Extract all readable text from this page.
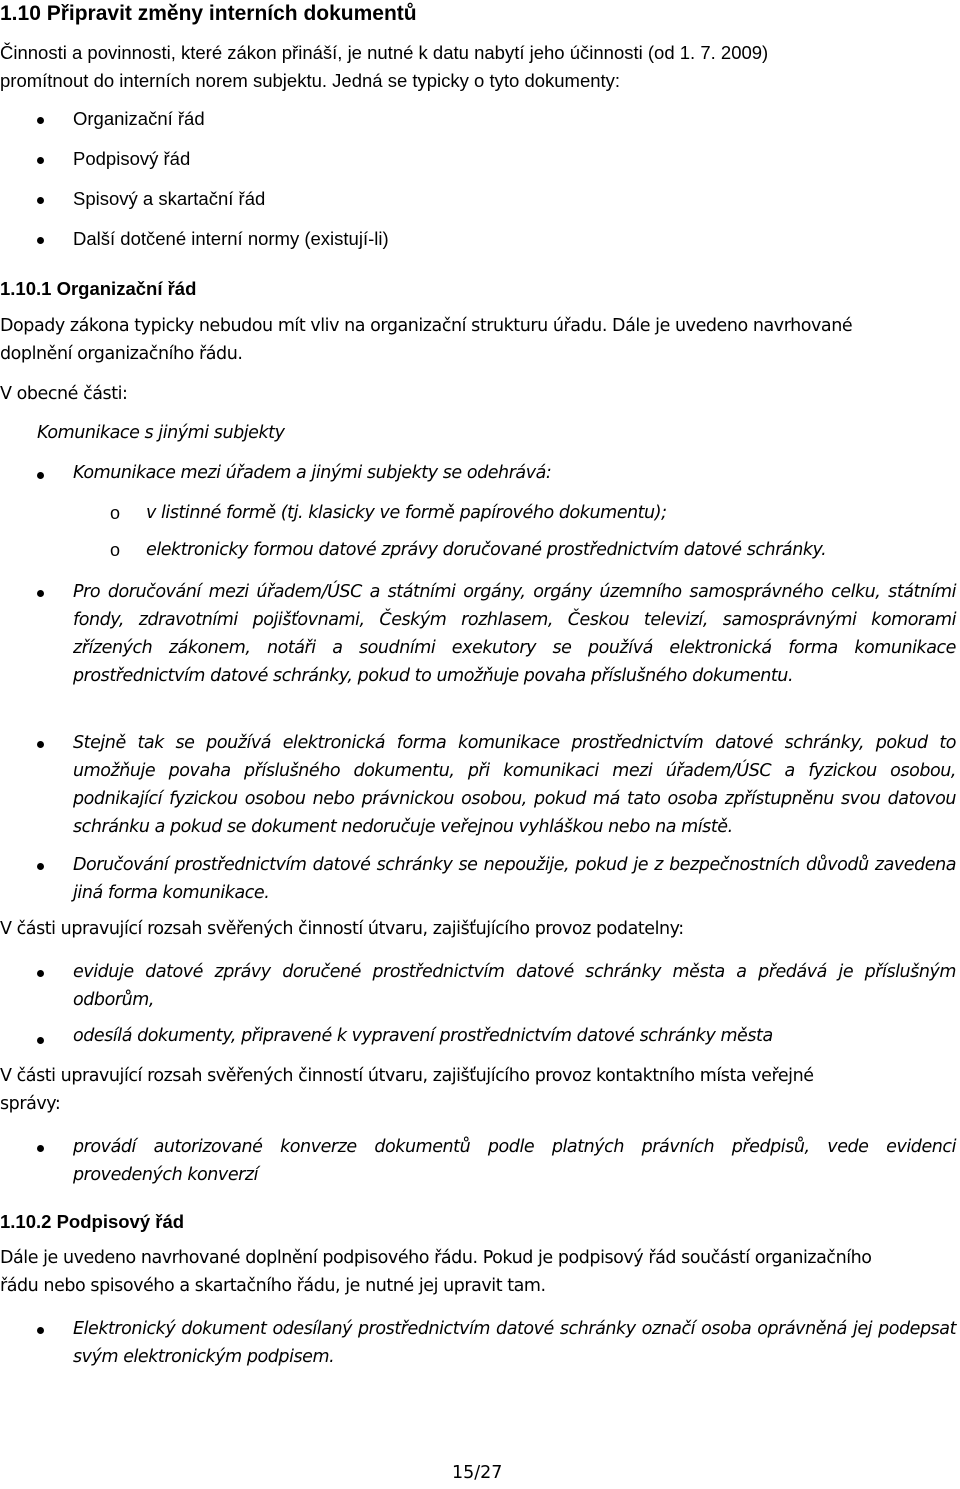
1.10 Připravit změny interních dokumentů
Činnosti a povinnosti, které zákon přináší, je nutné k datu nabytí jeho účinnosti (od 1. 7. 2009)
promítnout do interních norem subjektu. Jedná se typicky o tyto dokumenty:
Organizační řád
Podpisový řád
Spisový a skartační řád
Další dotčené interní normy (existují-li)
1.10.1 Organizační řád
Dopady zákona typicky nebudou mít vliv na organizační strukturu úřadu. Dále je uvedeno navrhované
doplnění organizačního řádu.
V obecné části:
Komunikace s jinými subjekty
Komunikace mezi úřadem a jinými subjekty se odehrává:
o v listinné formě (tj. klasicky ve formě papírového dokumentu);
o elektronicky formou datové zprávy doručované prostřednictvím datové schránky.
Pro doručování mezi úřadem/ÚSC a státními orgány, orgány územního samosprávného celku, státními fondy, zdravotními pojišťovnami, Českým rozhlasem, Českou televizí, samosprávnými komorami zřízených zákonem, notáři a soudními exekutory se používá elektronická forma komunikace prostřednictvím datové schránky, pokud to umožňuje povaha příslušného dokumentu.
Stejně tak se používá elektronická forma komunikace prostřednictvím datové schránky, pokud to umožňuje povaha příslušného dokumentu, při komunikaci mezi úřadem/ÚSC a fyzickou osobou, podnikající fyzickou osobou nebo právnickou osobou, pokud má tato osoba zpřístupněnu svou datovou schránku a pokud se dokument nedoručuje veřejnou vyhláškou nebo na místě.
Doručování prostřednictvím datové schránky se nepoužije, pokud je z bezpečnostních důvodů zavedena jiná forma komunikace.
V části upravující rozsah svěřených činností útvaru, zajišťujícího provoz podatelny:
eviduje datové zprávy doručené prostřednictvím datové schránky města a předává je příslušným odborům,
odesílá dokumenty, připravené k vypravení prostřednictvím datové schránky města
V části upravující rozsah svěřených činností útvaru, zajišťujícího provoz kontaktního místa veřejné
správy:
provádí autorizované konverze dokumentů podle platných právních předpisů, vede evidenci provedených konverzí
1.10.2 Podpisový řád
Dále je uvedeno navrhované doplnění podpisového řádu. Pokud je podpisový řád součástí organizačního
řádu nebo spisového a skartačního řádu, je nutné jej upravit tam.
Elektronický dokument odesílaný prostřednictvím datové schránky označí osoba oprávněná jej podepsat svým elektronickým podpisem.
15/27
